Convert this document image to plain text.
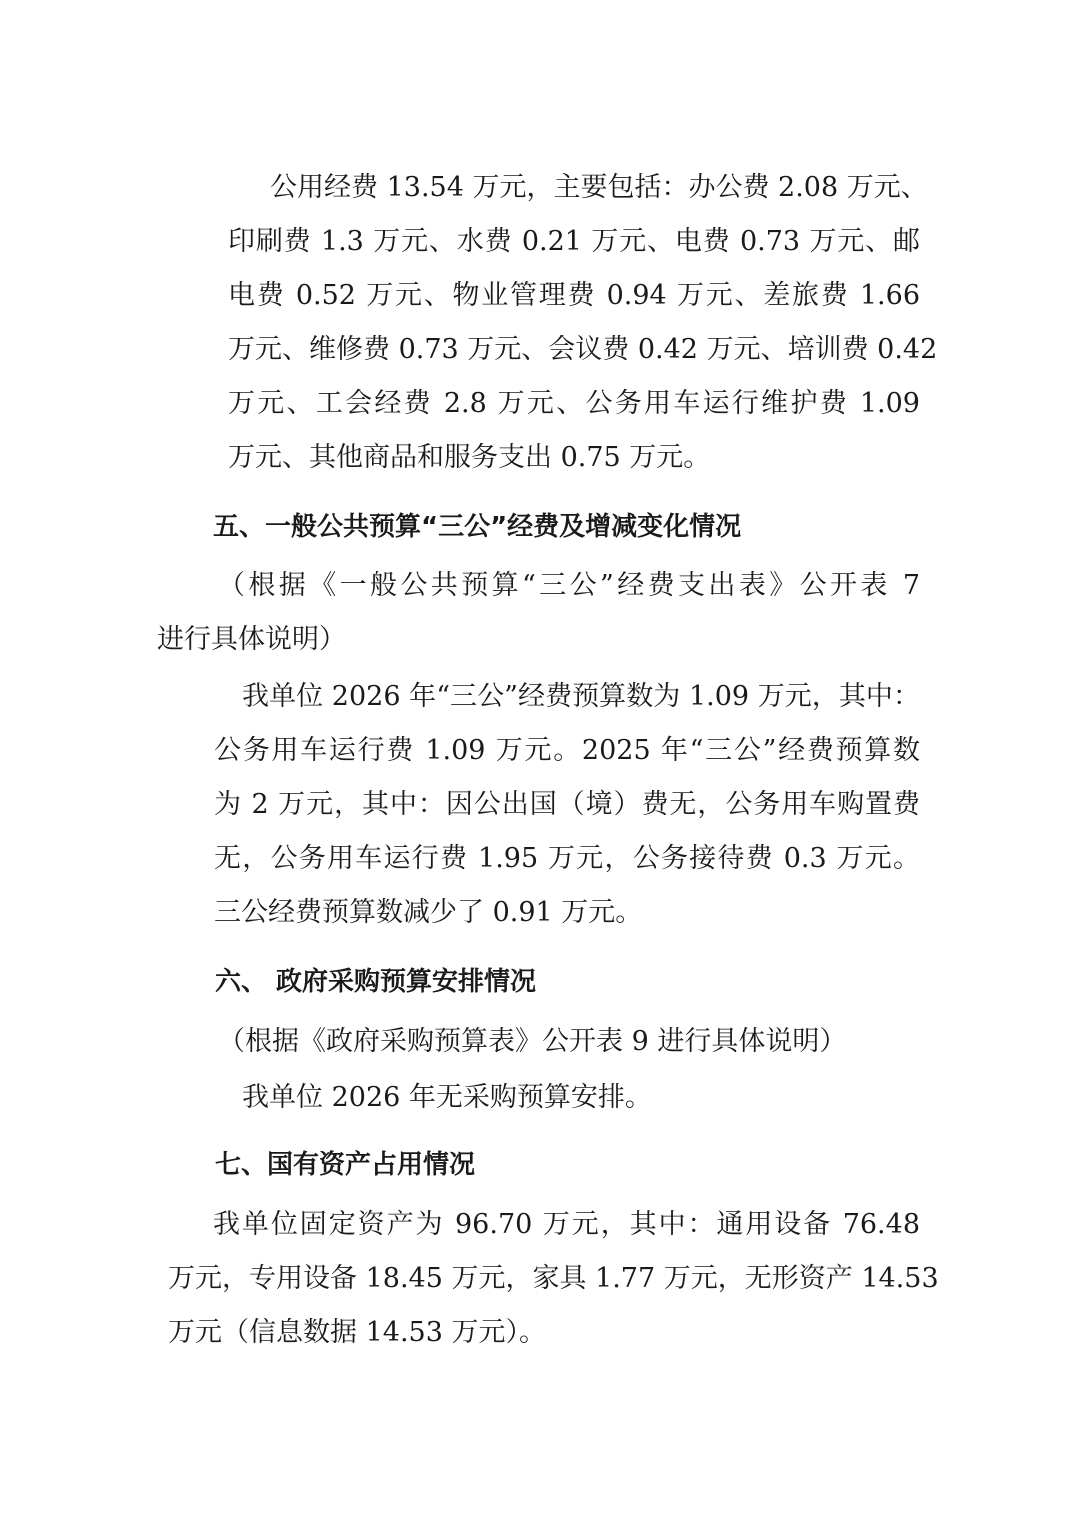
公用经费 13.54 万元，主要包括：办公费 2.08 万元、
印刷费 1.3 万元、水费 0.21 万元、电费 0.73 万元、邮
电费 0.52 万元、物业管理费 0.94 万元、差旅费 1.66
万元、维修费 0.73 万元、会议费 0.42 万元、培训费 0.42
万元、工会经费 2.8 万元、公务用车运行维护费 1.09
万元、其他商品和服务支出 0.75 万元。
五、一般公共预算“三公”经费及增减变化情况
（根据《一般公共预算“三公”经费支出表》公开表 7
进行具体说明）
我单位 2026 年“三公”经费预算数为 1.09 万元，其中：
公务用车运行费 1.09 万元。2025 年“三公”经费预算数
为 2 万元，其中：因公出国（境）费无，公务用车购置费
无，公务用车运行费 1.95 万元，公务接待费 0.3 万元。
三公经费预算数减少了 0.91 万元。
六、 政府采购预算安排情况
（根据《政府采购预算表》公开表 9 进行具体说明）
我单位 2026 年无采购预算安排。
七、国有资产占用情况
我单位固定资产为 96.70 万元，其中：通用设备 76.48
万元，专用设备 18.45 万元，家具 1.77 万元，无形资产 14.53
万元（信息数据 14.53 万元）。
